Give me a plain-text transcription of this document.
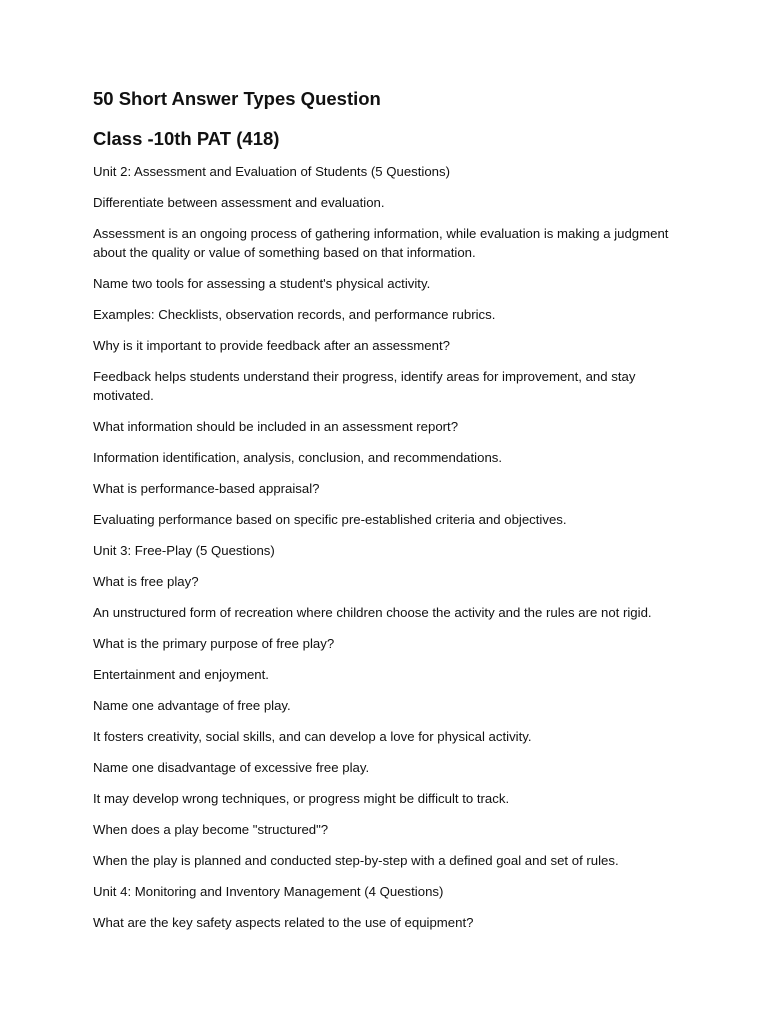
50 Short Answer Types Question
Class -10th PAT (418)

Unit 2: Assessment and Evaluation of Students (5 Questions)

Differentiate between assessment and evaluation.

Assessment is an ongoing process of gathering information, while evaluation is making a judgment about the quality or value of something based on that information.

Name two tools for assessing a student's physical activity.

Examples: Checklists, observation records, and performance rubrics.

Why is it important to provide feedback after an assessment?

Feedback helps students understand their progress, identify areas for improvement, and stay motivated.

What information should be included in an assessment report?

Information identification, analysis, conclusion, and recommendations.

What is performance-based appraisal?

Evaluating performance based on specific pre-established criteria and objectives.

Unit 3: Free-Play (5 Questions)

What is free play?

An unstructured form of recreation where children choose the activity and the rules are not rigid.

What is the primary purpose of free play?

Entertainment and enjoyment.

Name one advantage of free play.

It fosters creativity, social skills, and can develop a love for physical activity.

Name one disadvantage of excessive free play.

It may develop wrong techniques, or progress might be difficult to track.

When does a play become "structured"?

When the play is planned and conducted step-by-step with a defined goal and set of rules.

Unit 4: Monitoring and Inventory Management (4 Questions)

What are the key safety aspects related to the use of equipment?
